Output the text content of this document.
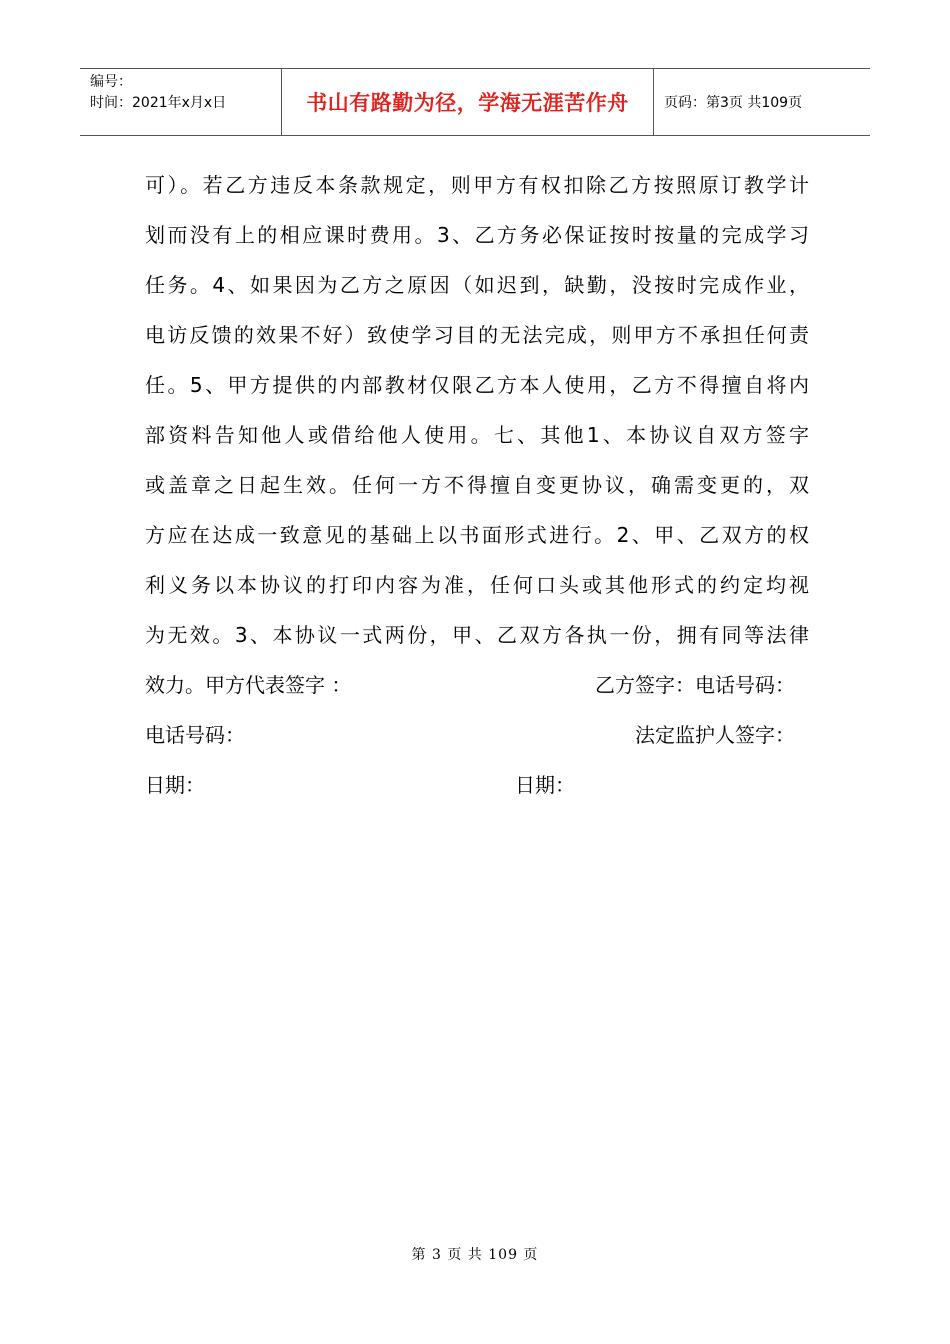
编号：
时间：2021年x月x日	书山有路勤为径，学海无涯苦作舟	页码：第3页 共109页
可）。若乙方违反本条款规定，则甲方有权扣除乙方按照原订教学计
划而没有上的相应课时费用。3、乙方务必保证按时按量的完成学习
任务。4、如果因为乙方之原因（如迟到，缺勤，没按时完成作业，
电访反馈的效果不好）致使学习目的无法完成，则甲方不承担任何责
任。5、甲方提供的内部教材仅限乙方本人使用，乙方不得擅自将内
部资料告知他人或借给他人使用。七、其他1、本协议自双方签字
或盖章之日起生效。任何一方不得擅自变更协议，确需变更的，双
方应在达成一致意见的基础上以书面形式进行。2、甲、乙双方的权
利义务以本协议的打印内容为准，任何口头或其他形式的约定均视
为无效。3、本协议一式两份，甲、乙双方各执一份，拥有同等法律
效力。甲方代表签字 ：	乙方签字：电话号码：
电话号码：	法定监护人签字：
日期：	日期：
第 3 页 共 109 页
